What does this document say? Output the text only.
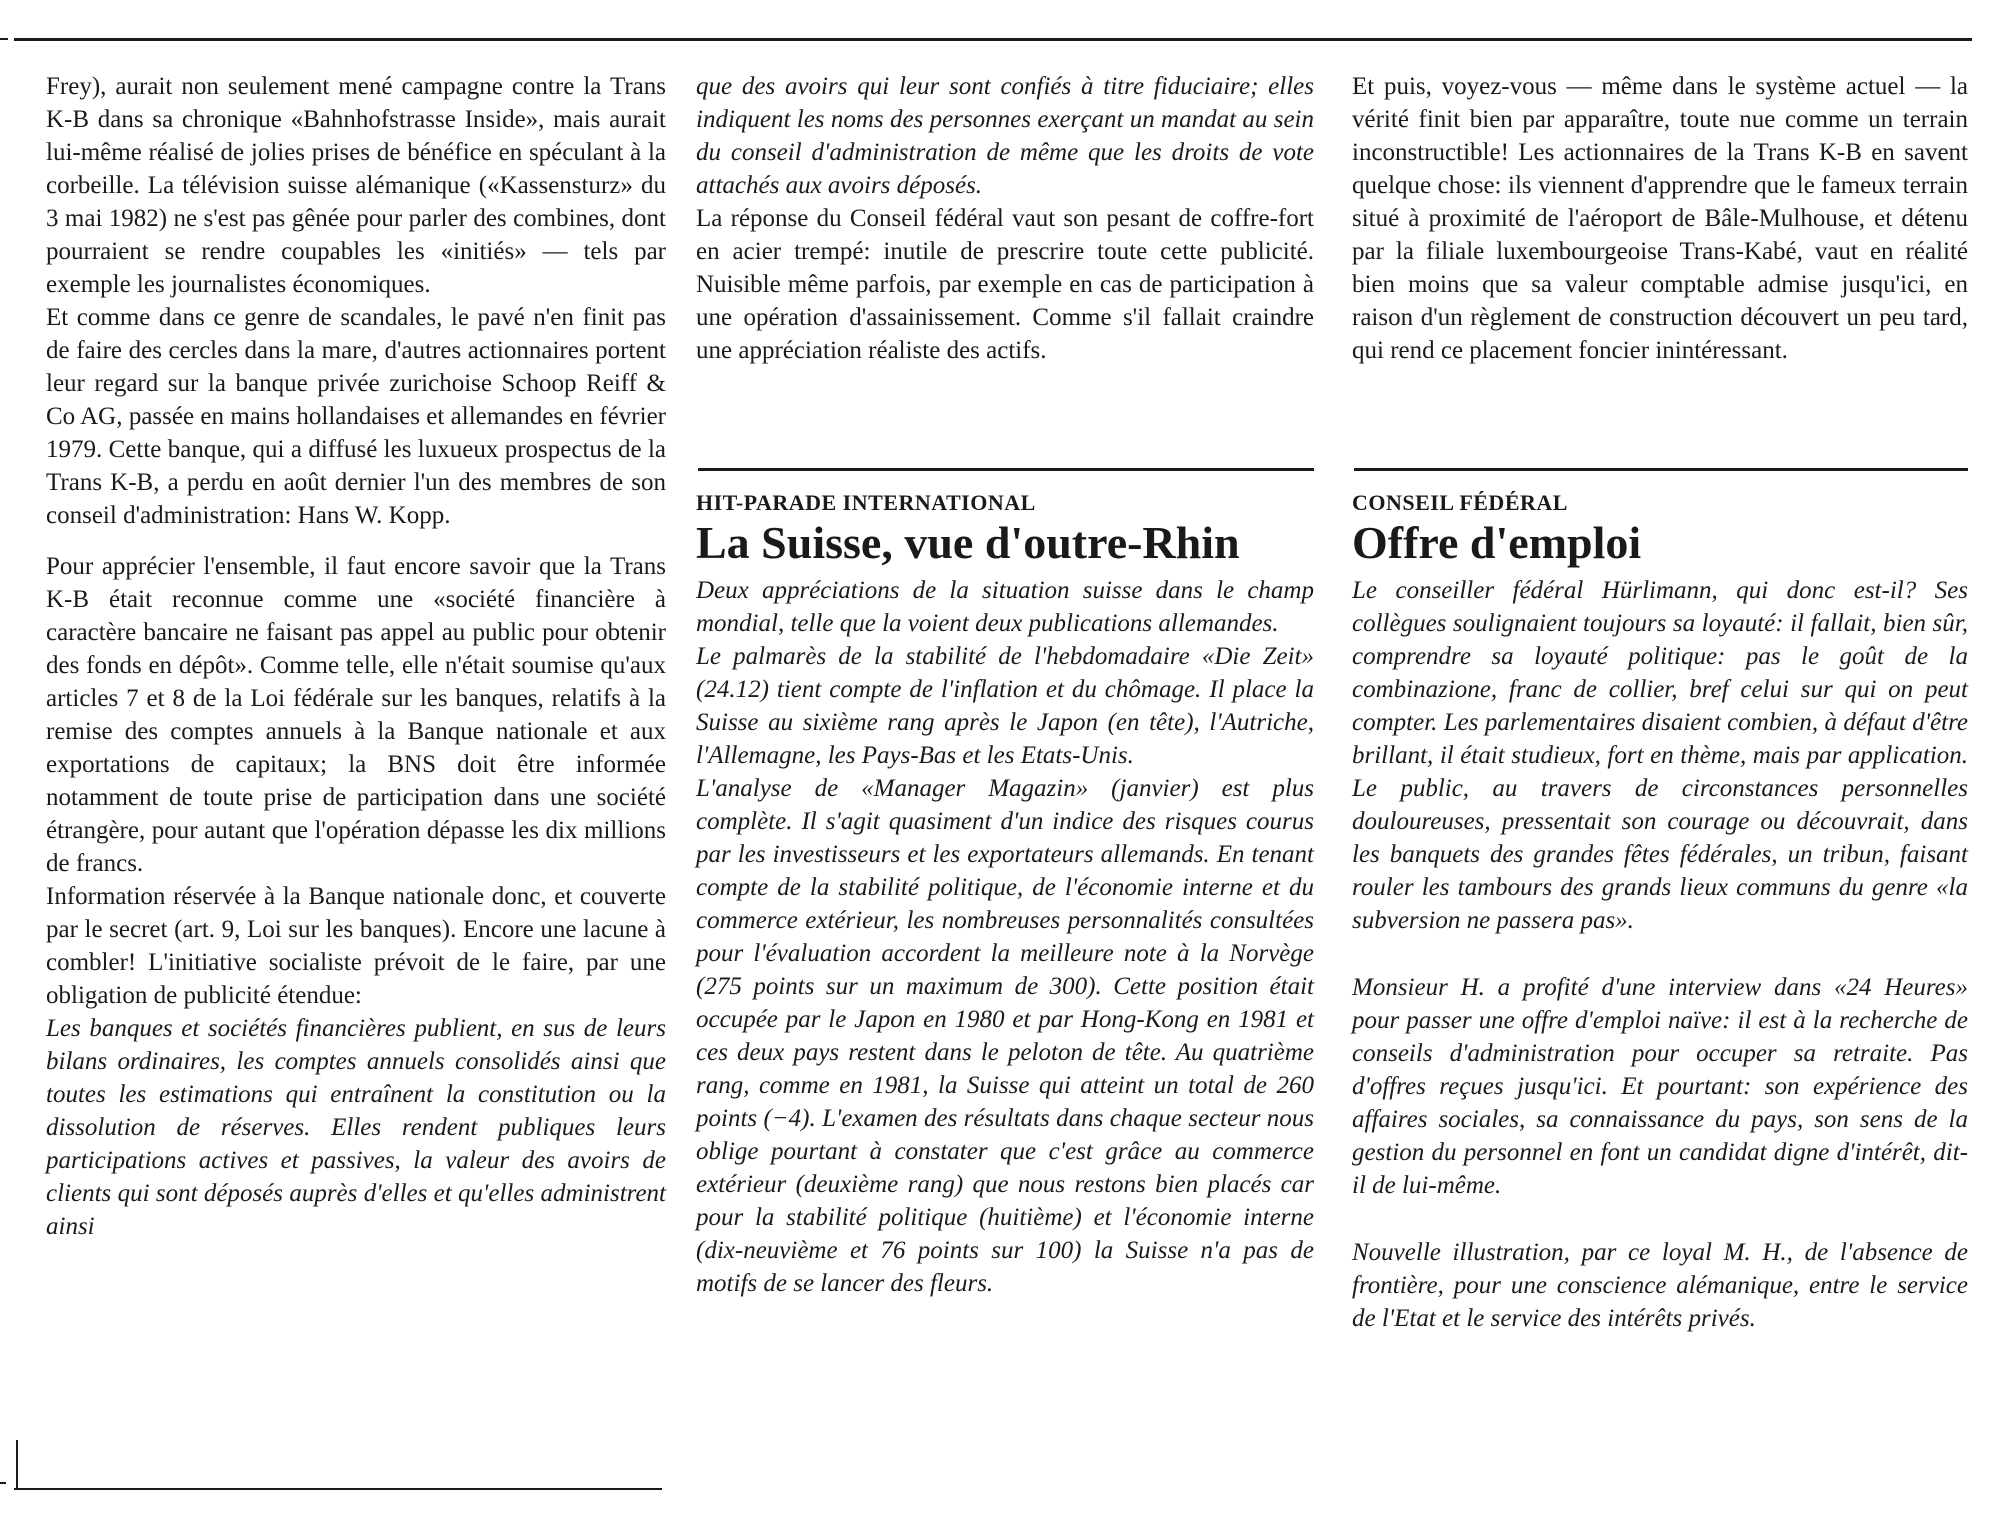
Frey), aurait non seulement mené campagne contre la Trans K-B dans sa chronique «Bahnhofstrasse Inside», mais aurait lui-même réalisé de jolies prises de bénéfice en spéculant à la corbeille. La télévision suisse alémanique («Kassensturz» du 3 mai 1982) ne s'est pas gênée pour parler des combines, dont pourraient se rendre coupables les «initiés» — tels par exemple les journalistes économiques.

Et comme dans ce genre de scandales, le pavé n'en finit pas de faire des cercles dans la mare, d'autres actionnaires portent leur regard sur la banque privée zurichoise Schoop Reiff & Co AG, passée en mains hollandaises et allemandes en février 1979. Cette banque, qui a diffusé les luxueux prospectus de la Trans K-B, a perdu en août dernier l'un des membres de son conseil d'administration: Hans W. Kopp.

Pour apprécier l'ensemble, il faut encore savoir que la Trans K-B était reconnue comme une «société financière à caractère bancaire ne faisant pas appel au public pour obtenir des fonds en dépôt». Comme telle, elle n'était soumise qu'aux articles 7 et 8 de la Loi fédérale sur les banques, relatifs à la remise des comptes annuels à la Banque nationale et aux exportations de capitaux; la BNS doit être informée notamment de toute prise de participation dans une société étrangère, pour autant que l'opération dépasse les dix millions de francs.

Information réservée à la Banque nationale donc, et couverte par le secret (art. 9, Loi sur les banques). Encore une lacune à combler! L'initiative socialiste prévoit de le faire, par une obligation de publicité étendue:

Les banques et sociétés financières publient, en sus de leurs bilans ordinaires, les comptes annuels consolidés ainsi que toutes les estimations qui entraînent la constitution ou la dissolution de réserves. Elles rendent publiques leurs participations actives et passives, la valeur des avoirs de clients qui sont déposés auprès d'elles et qu'elles administrent ainsi

que des avoirs qui leur sont confiés à titre fiduciaire; elles indiquent les noms des personnes exerçant un mandat au sein du conseil d'administration de même que les droits de vote attachés aux avoirs déposés.

La réponse du Conseil fédéral vaut son pesant de coffre-fort en acier trempé: inutile de prescrire toute cette publicité. Nuisible même parfois, par exemple en cas de participation à une opération d'assainissement. Comme s'il fallait craindre une appréciation réaliste des actifs.

HIT-PARADE INTERNATIONAL
La Suisse, vue d'outre-Rhin

Deux appréciations de la situation suisse dans le champ mondial, telle que la voient deux publications allemandes.

Le palmarès de la stabilité de l'hebdomadaire «Die Zeit» (24.12) tient compte de l'inflation et du chômage. Il place la Suisse au sixième rang après le Japon (en tête), l'Autriche, l'Allemagne, les Pays-Bas et les Etats-Unis.

L'analyse de «Manager Magazin» (janvier) est plus complète. Il s'agit quasiment d'un indice des risques courus par les investisseurs et les exportateurs allemands. En tenant compte de la stabilité politique, de l'économie interne et du commerce extérieur, les nombreuses personnalités consultées pour l'évaluation accordent la meilleure note à la Norvège (275 points sur un maximum de 300). Cette position était occupée par le Japon en 1980 et par Hong-Kong en 1981 et ces deux pays restent dans le peloton de tête. Au quatrième rang, comme en 1981, la Suisse qui atteint un total de 260 points (−4). L'examen des résultats dans chaque secteur nous oblige pourtant à constater que c'est grâce au commerce extérieur (deuxième rang) que nous restons bien placés car pour la stabilité politique (huitième) et l'économie interne (dix-neuvième et 76 points sur 100) la Suisse n'a pas de motifs de se lancer des fleurs.

Et puis, voyez-vous — même dans le système actuel — la vérité finit bien par apparaître, toute nue comme un terrain inconstructible! Les actionnaires de la Trans K-B en savent quelque chose: ils viennent d'apprendre que le fameux terrain situé à proximité de l'aéroport de Bâle-Mulhouse, et détenu par la filiale luxembourgeoise Trans-Kabé, vaut en réalité bien moins que sa valeur comptable admise jusqu'ici, en raison d'un règlement de construction découvert un peu tard, qui rend ce placement foncier inintéressant.

CONSEIL FÉDÉRAL
Offre d'emploi

Le conseiller fédéral Hürlimann, qui donc est-il? Ses collègues soulignaient toujours sa loyauté: il fallait, bien sûr, comprendre sa loyauté politique: pas le goût de la combinazione, franc de collier, bref celui sur qui on peut compter. Les parlementaires disaient combien, à défaut d'être brillant, il était studieux, fort en thème, mais par application. Le public, au travers de circonstances personnelles douloureuses, pressentait son courage ou découvrait, dans les banquets des grandes fêtes fédérales, un tribun, faisant rouler les tambours des grands lieux communs du genre «la subversion ne passera pas».

Monsieur H. a profité d'une interview dans «24 Heures» pour passer une offre d'emploi naïve: il est à la recherche de conseils d'administration pour occuper sa retraite. Pas d'offres reçues jusqu'ici. Et pourtant: son expérience des affaires sociales, sa connaissance du pays, son sens de la gestion du personnel en font un candidat digne d'intérêt, dit-il de lui-même.

Nouvelle illustration, par ce loyal M. H., de l'absence de frontière, pour une conscience alémanique, entre le service de l'Etat et le service des intérêts privés.
